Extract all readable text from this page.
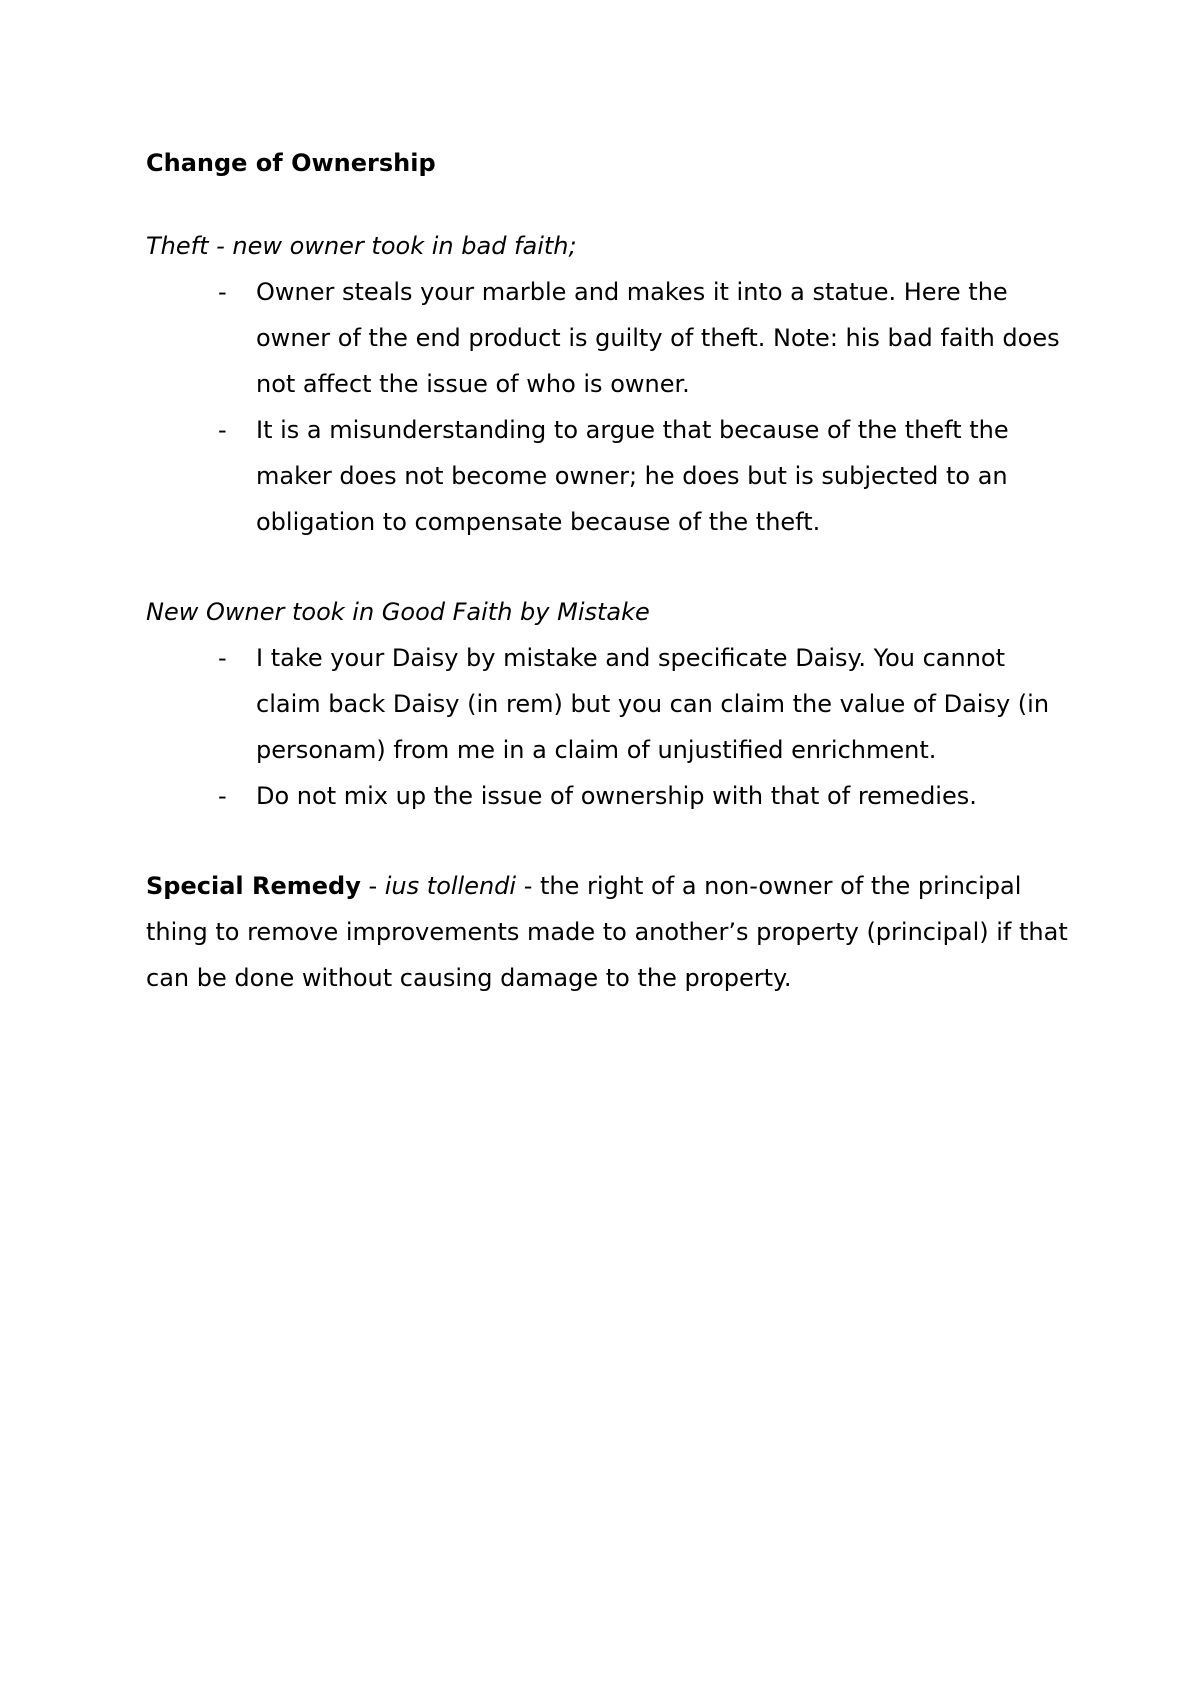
Change of Ownership

Theft - new owner took in bad faith;

- Owner steals your marble and makes it into a statue. Here the owner of the end product is guilty of theft. Note: his bad faith does not affect the issue of who is owner.
- It is a misunderstanding to argue that because of the theft the maker does not become owner; he does but is subjected to an obligation to compensate because of the theft.

New Owner took in Good Faith by Mistake

- I take your Daisy by mistake and specificate Daisy. You cannot claim back Daisy (in rem) but you can claim the value of Daisy (in personam) from me in a claim of unjustified enrichment.
- Do not mix up the issue of ownership with that of remedies.

Special Remedy - ius tollendi - the right of a non-owner of the principal thing to remove improvements made to another’s property (principal) if that can be done without causing damage to the property.
